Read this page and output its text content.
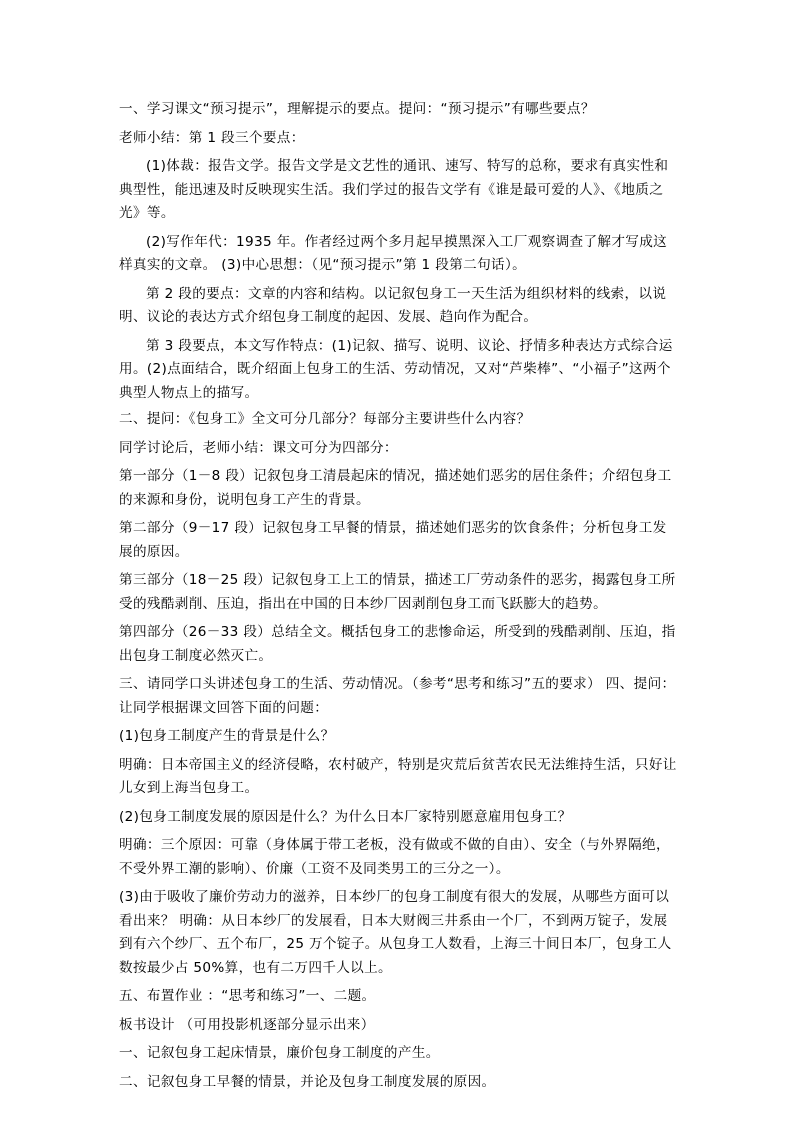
一、学习课文“预习提示”，理解提示的要点。提问：“预习提示”有哪些要点？

老师小结：第 1 段三个要点：

(1)体裁：报告文学。报告文学是文艺性的通讯、速写、特写的总称，要求有真实性和典型性，能迅速及时反映现实生活。我们学过的报告文学有《谁是最可爱的人》、《地质之光》等。

(2)写作年代：1935 年。作者经过两个多月起早摸黑深入工厂观察调查了解才写成这样真实的文章。 (3)中心思想：（见“预习提示”第 1 段第二句话）。

第 2 段的要点：文章的内容和结构。以记叙包身工一天生活为组织材料的线索，以说明、议论的表达方式介绍包身工制度的起因、发展、趋向作为配合。

第 3 段要点，本文写作特点：(1)记叙、描写、说明、议论、抒情多种表达方式综合运用。(2)点面结合，既介绍面上包身工的生活、劳动情况，又对“芦柴棒”、“小福子”这两个典型人物点上的描写。

二、提问：《包身工》全文可分几部分？每部分主要讲些什么内容？

同学讨论后，老师小结：课文可分为四部分：

第一部分（1－8 段）记叙包身工清晨起床的情况，描述她们恶劣的居住条件；介绍包身工的来源和身份，说明包身工产生的背景。

第二部分（9－17 段）记叙包身工早餐的情景，描述她们恶劣的饮食条件；分析包身工发展的原因。

第三部分（18－25 段）记叙包身工上工的情景，描述工厂劳动条件的恶劣，揭露包身工所受的残酷剥削、压迫，指出在中国的日本纱厂因剥削包身工而飞跃膨大的趋势。

第四部分（26－33 段）总结全文。概括包身工的悲惨命运，所受到的残酷剥削、压迫，指出包身工制度必然灭亡。

三、请同学口头讲述包身工的生活、劳动情况。（参考“思考和练习”五的要求） 四、提问：让同学根据课文回答下面的问题：

(1)包身工制度产生的背景是什么？

明确：日本帝国主义的经济侵略，农村破产，特别是灾荒后贫苦农民无法维持生活，只好让儿女到上海当包身工。

(2)包身工制度发展的原因是什么？为什么日本厂家特别愿意雇用包身工？

明确：三个原因：可靠（身体属于带工老板，没有做或不做的自由）、安全（与外界隔绝，不受外界工潮的影响）、价廉（工资不及同类男工的三分之一）。

(3)由于吸收了廉价劳动力的滋养，日本纱厂的包身工制度有很大的发展，从哪些方面可以看出来？ 明确：从日本纱厂的发展看，日本大财阀三井系由一个厂，不到两万锭子，发展到有六个纱厂、五个布厂，25 万个锭子。从包身工人数看，上海三十间日本厂，包身工人数按最少占 50%算，也有二万四千人以上。

五、布置作业 ：“思考和练习”一、二题。

板书设计 （可用投影机逐部分显示出来）

一、记叙包身工起床情景，廉价包身工制度的产生。

二、记叙包身工早餐的情景，并论及包身工制度发展的原因。
